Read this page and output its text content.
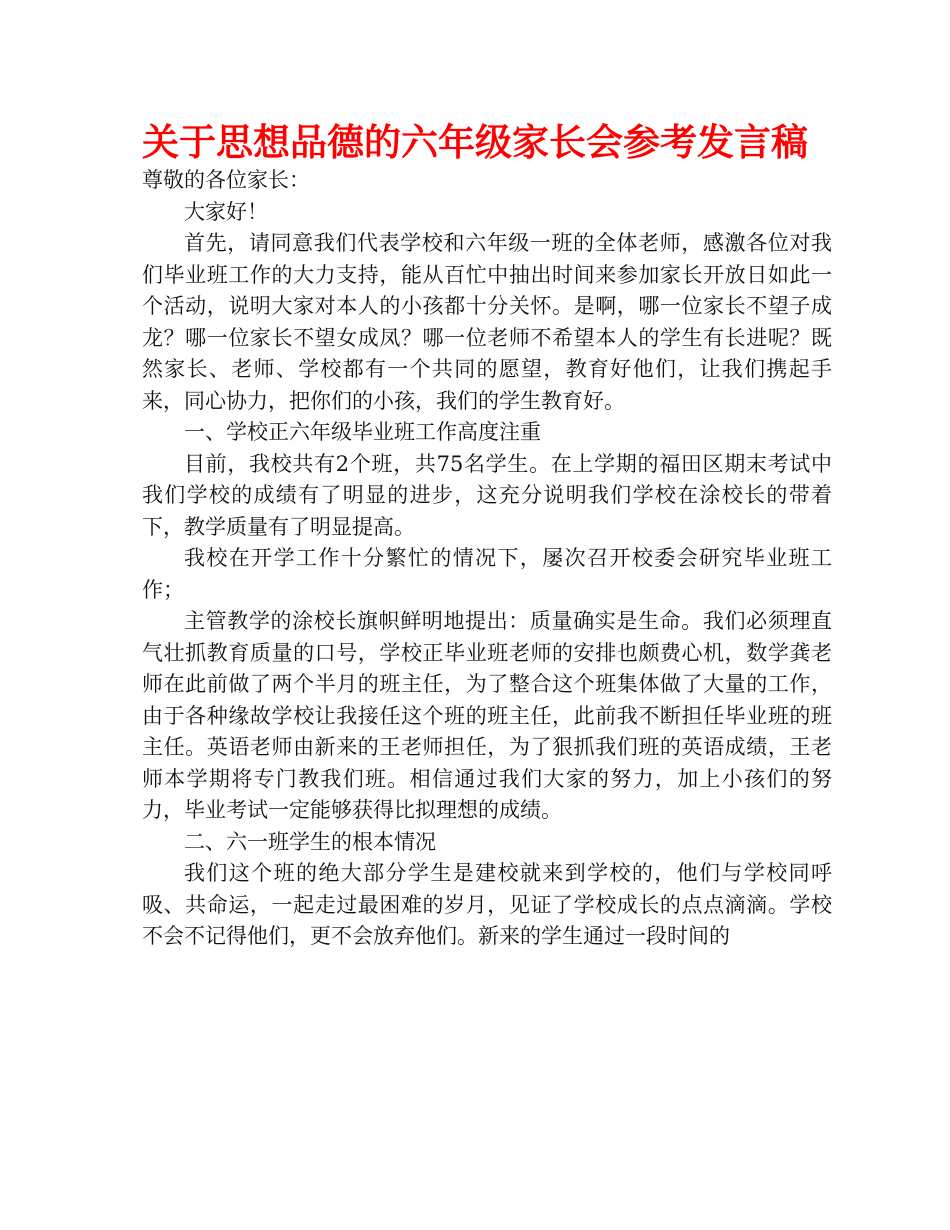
关于思想品德的六年级家长会参考发言稿

尊敬的各位家长：

大家好！

首先，请同意我们代表学校和六年级一班的全体老师，感激各位对我们毕业班工作的大力支持，能从百忙中抽出时间来参加家长开放日如此一个活动，说明大家对本人的小孩都十分关怀。是啊，哪一位家长不望子成龙？哪一位家长不望女成凤？哪一位老师不希望本人的学生有长进呢？既然家长、老师、学校都有一个共同的愿望，教育好他们，让我们携起手来，同心协力，把你们的小孩，我们的学生教育好。

一、学校正六年级毕业班工作高度注重

目前，我校共有2个班，共75名学生。在上学期的福田区期末考试中我们学校的成绩有了明显的进步，这充分说明我们学校在涂校长的带着下，教学质量有了明显提高。

我校在开学工作十分繁忙的情况下，屡次召开校委会研究毕业班工作；

主管教学的涂校长旗帜鲜明地提出：质量确实是生命。我们必须理直气壮抓教育质量的口号，学校正毕业班老师的安排也颇费心机，数学龚老师在此前做了两个半月的班主任，为了整合这个班集体做了大量的工作，由于各种缘故学校让我接任这个班的班主任，此前我不断担任毕业班的班主任。英语老师由新来的王老师担任，为了狠抓我们班的英语成绩，王老师本学期将专门教我们班。相信通过我们大家的努力，加上小孩们的努力，毕业考试一定能够获得比拟理想的成绩。

二、六一班学生的根本情况

我们这个班的绝大部分学生是建校就来到学校的，他们与学校同呼吸、共命运，一起走过最困难的岁月，见证了学校成长的点点滴滴。学校不会不记得他们，更不会放弃他们。新来的学生通过一段时间的
